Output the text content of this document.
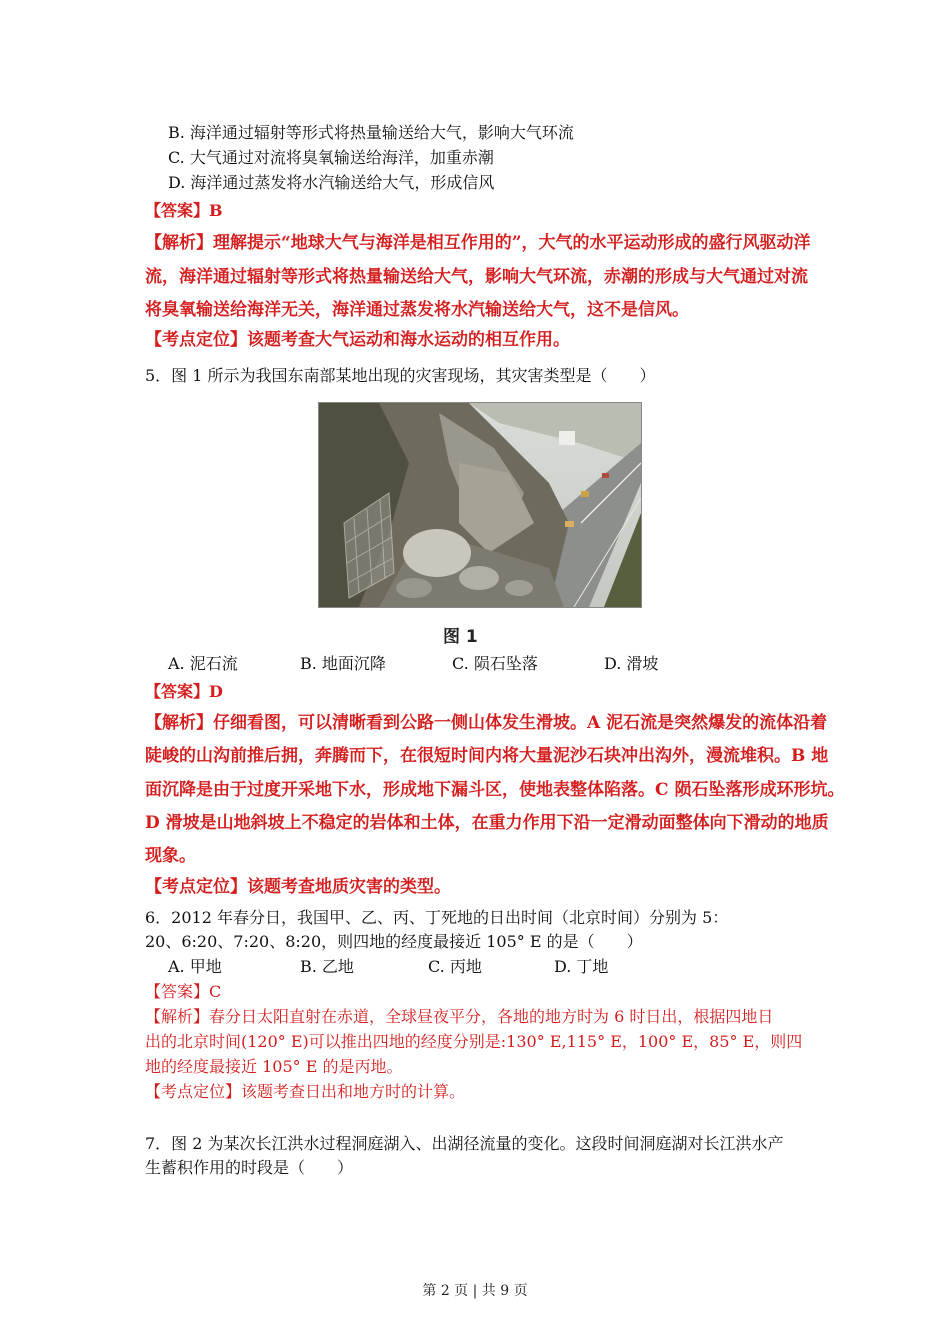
B. 海洋通过辐射等形式将热量输送给大气，影响大气环流
C. 大气通过对流将臭氧输送给海洋，加重赤潮
D. 海洋通过蒸发将水汽输送给大气，形成信风
【答案】B
【解析】理解提示“地球大气与海洋是相互作用的”，大气的水平运动形成的盛行风驱动洋
流，海洋通过辐射等形式将热量输送给大气，影响大气环流，赤潮的形成与大气通过对流
将臭氧输送给海洋无关，海洋通过蒸发将水汽输送给大气，这不是信风。
【考点定位】该题考查大气运动和海水运动的相互作用。
5．图 1 所示为我国东南部某地出现的灾害现场，其灾害类型是（　　）
图 1
A. 泥石流	B. 地面沉降	C. 陨石坠落	D. 滑坡
【答案】D
【解析】仔细看图，可以清晰看到公路一侧山体发生滑坡。A 泥石流是突然爆发的流体沿着
陡峻的山沟前推后拥，奔腾而下，在很短时间内将大量泥沙石块冲出沟外，漫流堆积。B 地
面沉降是由于过度开采地下水，形成地下漏斗区，使地表整体陷落。C 陨石坠落形成环形坑。
D 滑坡是山地斜坡上不稳定的岩体和土体，在重力作用下沿一定滑动面整体向下滑动的地质
现象。
【考点定位】该题考查地质灾害的类型。
6．2012 年春分日，我国甲、乙、丙、丁死地的日出时间（北京时间）分别为 5：
20、6:20、7:20、8:20，则四地的经度最接近 105° E 的是（　　）
A. 甲地	B. 乙地	C. 丙地	D. 丁地
【答案】C
【解析】春分日太阳直射在赤道，全球昼夜平分，各地的地方时为 6 时日出，根据四地日
出的北京时间(120° E)可以推出四地的经度分别是:130° E,115° E，100° E，85° E，则四
地的经度最接近 105° E 的是丙地。
【考点定位】该题考查日出和地方时的计算。
7．图 2 为某次长江洪水过程洞庭湖入、出湖径流量的变化。这段时间洞庭湖对长江洪水产
生蓄积作用的时段是（　　）
第 2 页 | 共 9 页
